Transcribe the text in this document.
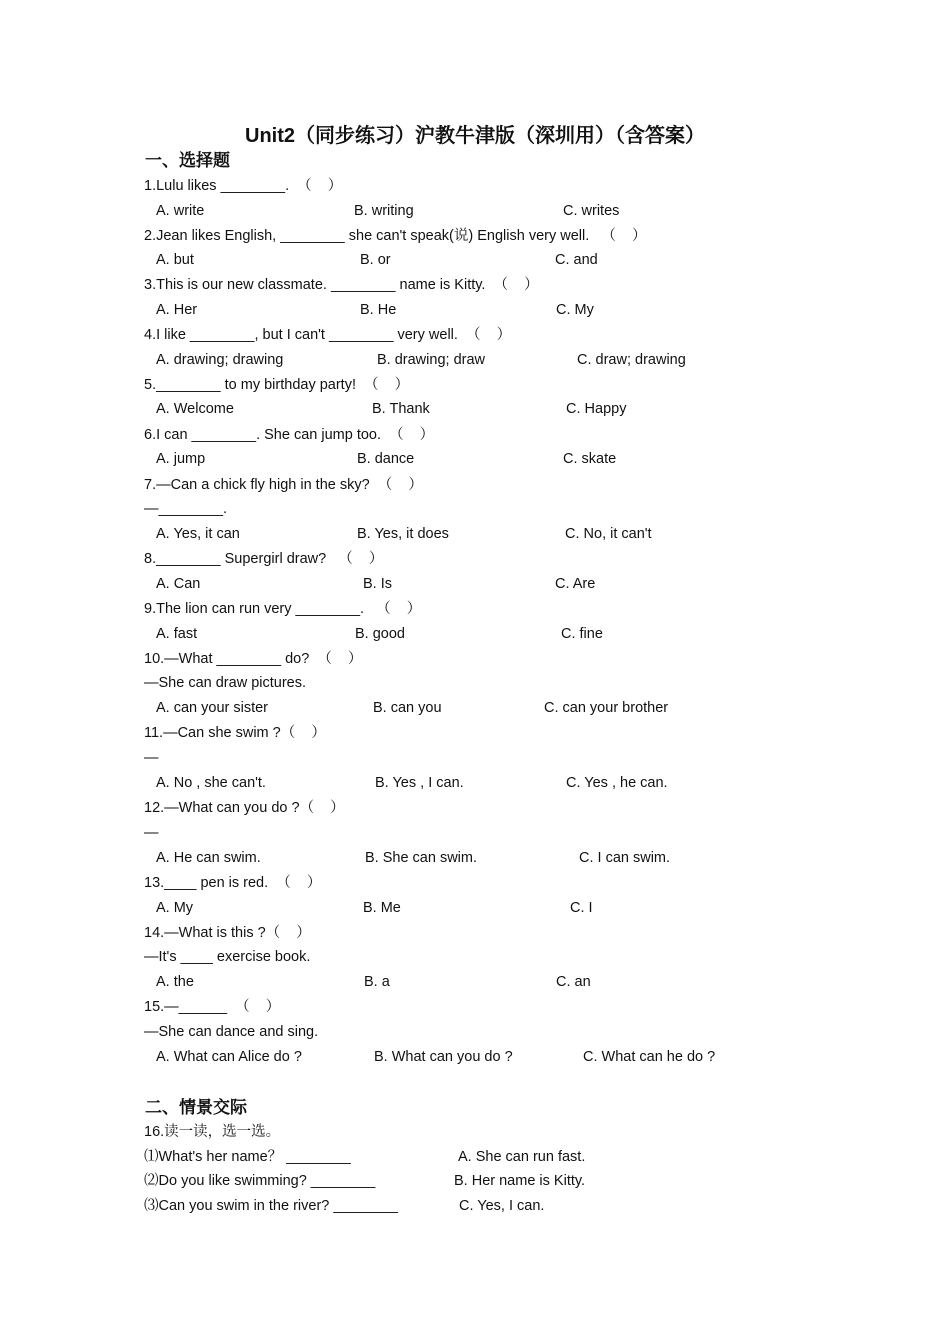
Unit2（同步练习）沪教牛津版（深圳用）（含答案）
一、选择题
1.Lulu likes ________.  （    ）
A. write	B. writing	C. writes
2.Jean likes English, ________ she can't speak(说) English very well.   （    ）
A. but	B. or	C. and
3.This is our new classmate. ________ name is Kitty.  （    ）
A. Her	B. He	C. My
4.I like ________, but I can't ________ very well.  （    ）
A. drawing; drawing	B. drawing; draw	C. draw; drawing
5.________ to my birthday party!  （    ）
A. Welcome	B. Thank	C. Happy
6.I can ________. She can jump too.  （    ）
A. jump	B. dance	C. skate
7.—Can a chick fly high in the sky?  （    ）
—________.
A. Yes, it can	B. Yes, it does	C. No, it can't
8.________ Supergirl draw?   （    ）
A. Can	B. Is	C. Are
9.The lion can run very ________.   （    ）
A. fast	B. good	C. fine
10.—What ________ do?  （    ）
—She can draw pictures.
A. can your sister	B. can you	C. can your brother
11.—Can she swim ?（    ）
—
A. No , she can't.	B. Yes , I can.	C. Yes , he can.
12.—What can you do ?（    ）
—
A. He can swim.	B. She can swim.	C. I can swim.
13.____ pen is red.  （    ）
A. My	B. Me	C. I
14.—What is this ?（    ）
—It's ____ exercise book.
A. the	B. a	C. an
15.—______  （    ）
—She can dance and sing.
A. What can Alice do ?	B. What can you do ?	C. What can he do ?
二、情景交际
16.读一读，选一选。
⑴What's her name？ ________	A. She can run fast.
⑵Do you like swimming? ________	B. Her name is Kitty.
⑶Can you swim in the river? ________	C. Yes, I can.
